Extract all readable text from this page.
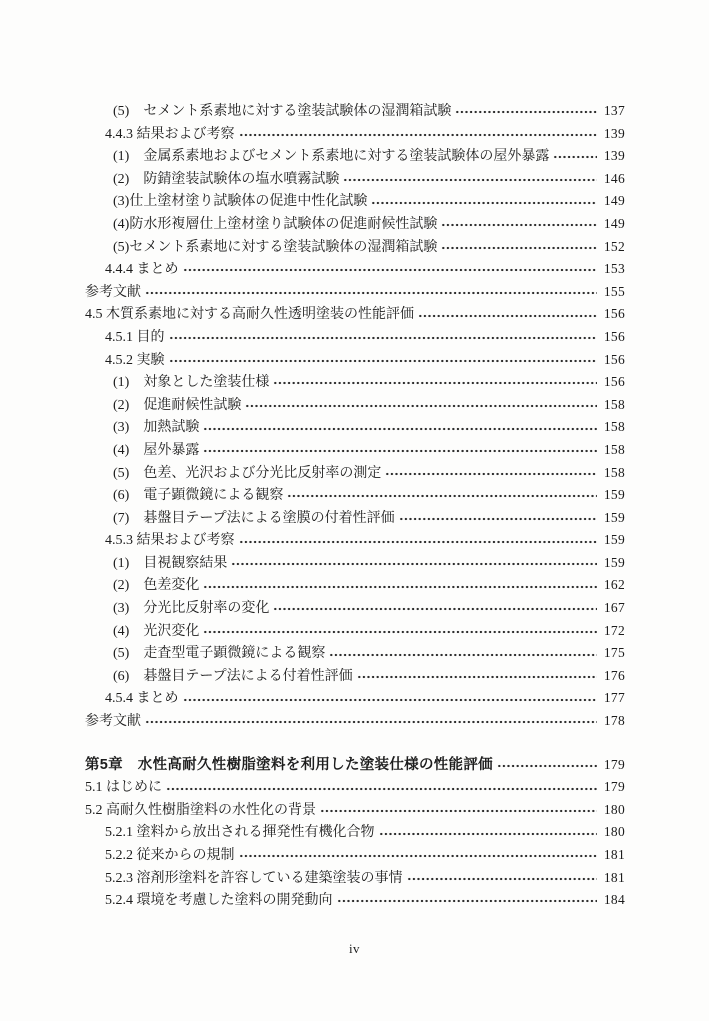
(5)　セメント系素地に対する塗装試験体の湿潤箱試験	137
4.4.3 結果および考察	139
(1)　金属系素地およびセメント系素地に対する塗装試験体の屋外暴露	139
(2)　防錆塗装試験体の塩水噴霧試験	146
(3)仕上塗材塗り試験体の促進中性化試験	149
(4)防水形複層仕上塗材塗り試験体の促進耐候性試験	149
(5)セメント系素地に対する塗装試験体の湿潤箱試験	152
4.4.4 まとめ	153
参考文献	155
4.5 木質系素地に対する高耐久性透明塗装の性能評価	156
4.5.1 目的	156
4.5.2 実験	156
(1)　対象とした塗装仕様	156
(2)　促進耐候性試験	158
(3)　加熱試験	158
(4)　屋外暴露	158
(5)　色差、光沢および分光比反射率の測定	158
(6)　電子顕微鏡による観察	159
(7)　碁盤目テープ法による塗膜の付着性評価	159
4.5.3 結果および考察	159
(1)　目視観察結果	159
(2)　色差変化	162
(3)　分光比反射率の変化	167
(4)　光沢変化	172
(5)　走査型電子顕微鏡による観察	175
(6)　碁盤目テープ法による付着性評価	176
4.5.4 まとめ	177
参考文献	178
第5章　水性高耐久性樹脂塗料を利用した塗装仕様の性能評価	179
5.1 はじめに	179
5.2 高耐久性樹脂塗料の水性化の背景	180
5.2.1 塗料から放出される揮発性有機化合物	180
5.2.2 従来からの規制	181
5.2.3 溶剤形塗料を許容している建築塗装の事情	181
5.2.4 環境を考慮した塗料の開発動向	184
iv
